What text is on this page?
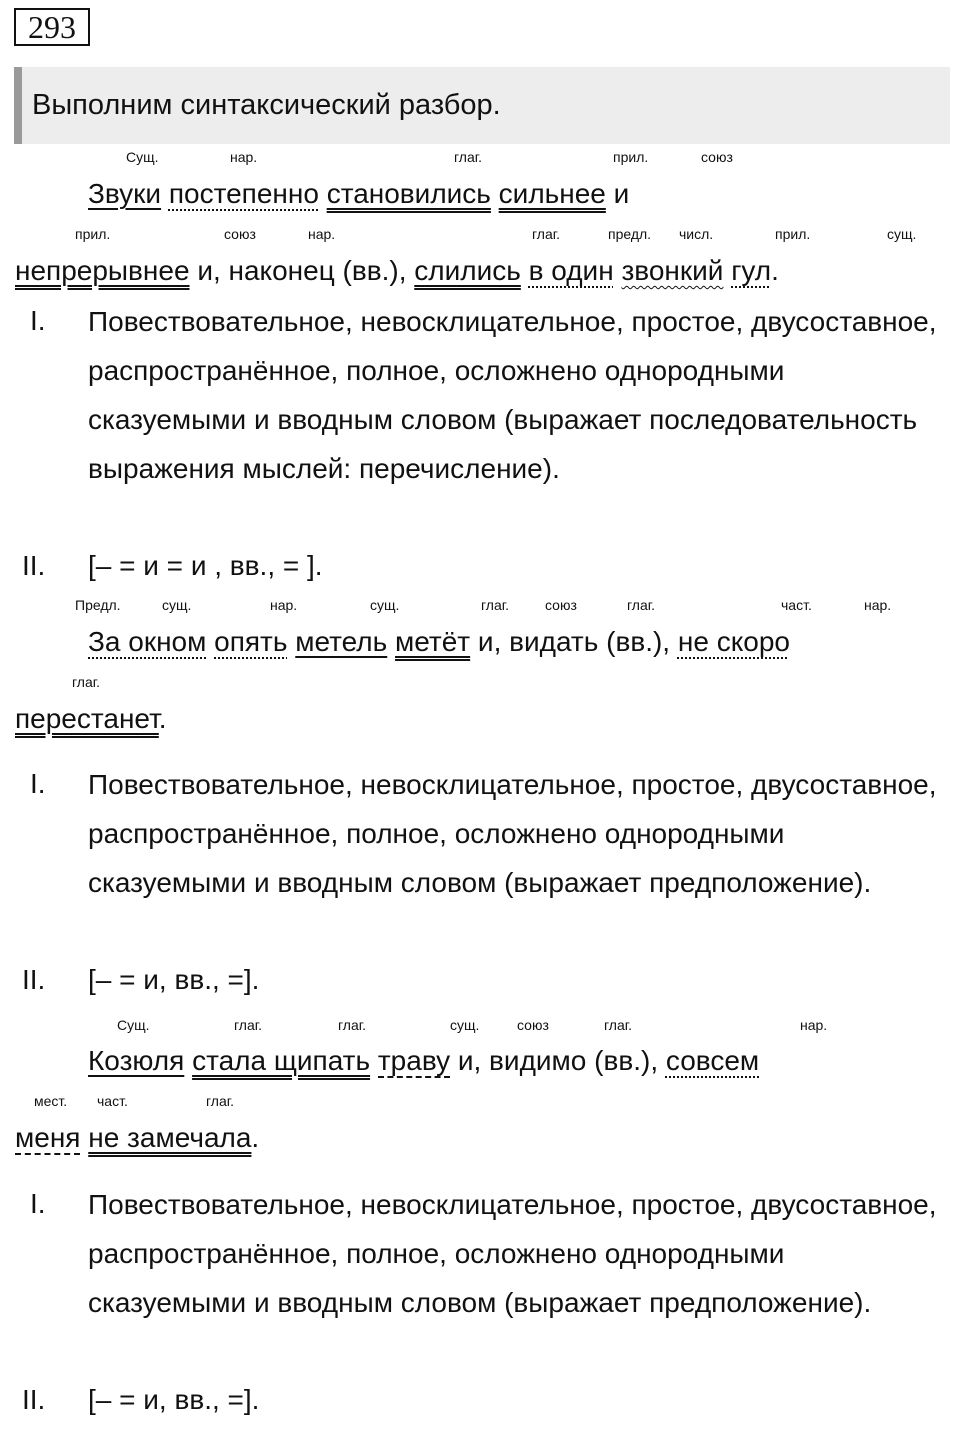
293
Выполним синтаксический разбор.
Сущ.	нар.	глаг.	прил.	союз
Звуки постепенно становились сильнее и
прил.	союз	нар.	глаг.	предл. числ.	прил.	сущ.
непрерывнее и, наконец (вв.), слились в один звонкий гул.
I. Повествовательное, невосклицательное, простое, двусоставное, распространённое, полное, осложнено однородными сказуемыми и вводным словом (выражает последовательность выражения мыслей: перечисление).
II. [– = и = и , вв., = ].
Предл.	сущ.	нар.	сущ.	глаг.	союз	глаг.	част.	нар.
За окном опять метель метёт и, видать (вв.), не скоро
глаг.
перестанет.
I. Повествовательное, невосклицательное, простое, двусоставное, распространённое, полное, осложнено однородными сказуемыми и вводным словом (выражает предположение).
II. [– = и, вв., =].
Сущ.	глаг.	глаг.	сущ.	союз	глаг.	нар.
Козюля стала щипать траву и, видимо (вв.), совсем
мест. част.	глаг.
меня не замечала.
I. Повествовательное, невосклицательное, простое, двусоставное, распространённое, полное, осложнено однородными сказуемыми и вводным словом (выражает предположение).
II. [– = и, вв., =].
